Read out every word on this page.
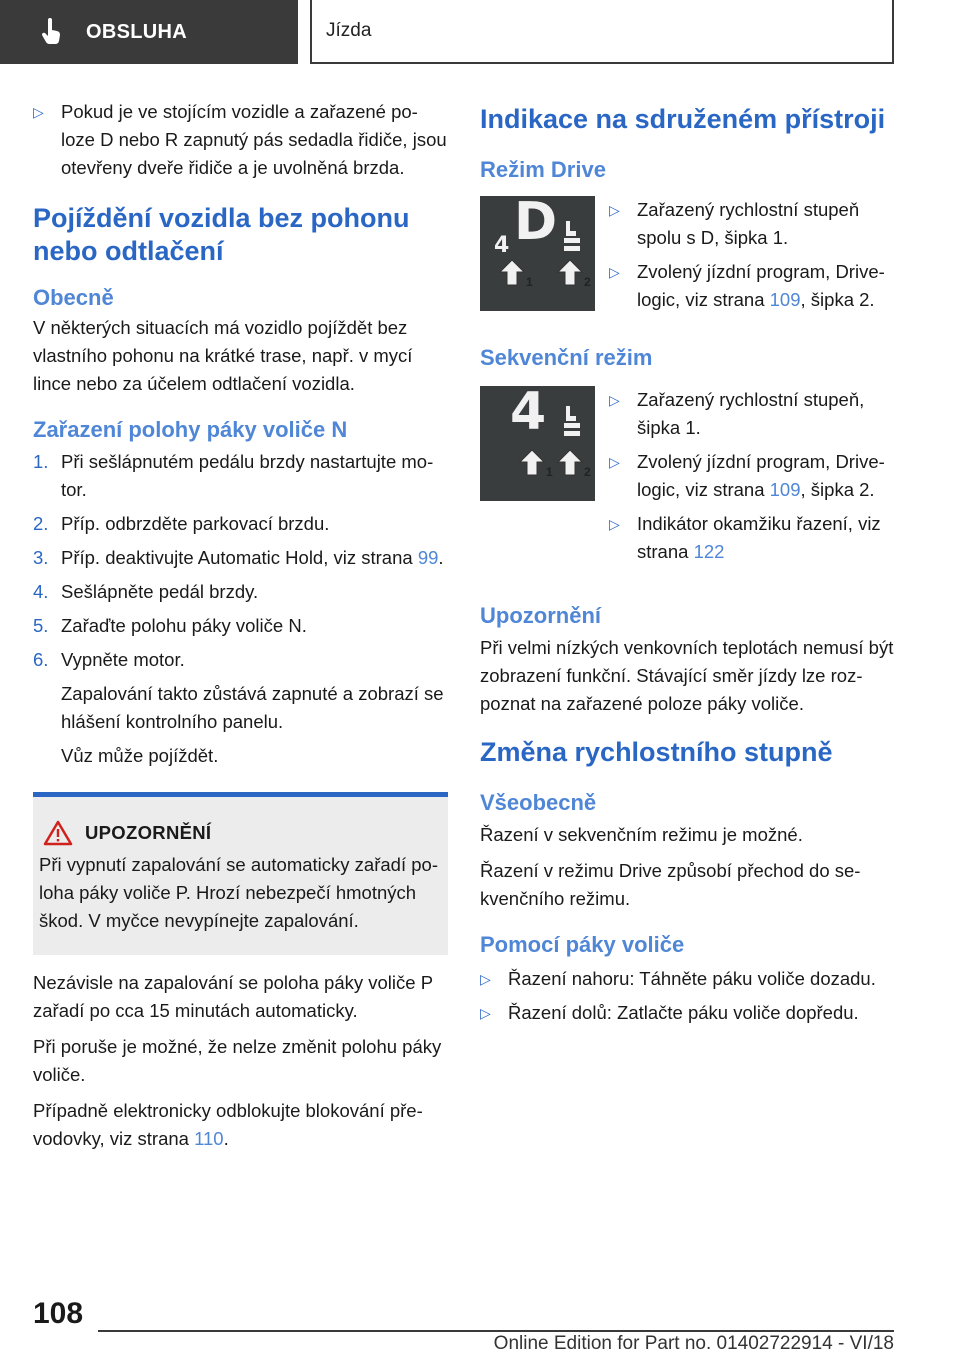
OBSLUHA	Jízda
▷ Pokud je ve stojícím vozidle a zařazené po-loze D nebo R zapnutý pás sedadla řidiče, jsou otevřeny dveře řidiče a je uvolněná brzda.
Pojíždění vozidla bez pohonu nebo odtlačení
Obecně

V některých situacích má vozidlo pojíždět bez vlastního pohonu na krátké trase, např. v mycí lince nebo za účelem odtlačení vozidla.

Zařazení polohy páky voliče N
1. Při sešlápnutém pedálu brzdy nastartujte mo-tor.
2. Příp. odbrzděte parkovací brzdu.
3. Příp. deaktivujte Automatic Hold, viz strana 99.
4. Sešlápněte pedál brzdy.
5. Zařaďte polohu páky voliče N.
6. Vypněte motor.

Zapalování takto zůstává zapnuté a zobrazí se hlášení kontrolního panelu.

Vůz může pojíždět.

UPOZORNĚNÍ

Při vypnutí zapalování se automaticky zařadí po-loha páky voliče P. Hrozí nebezpečí hmotných škod. V myčce nevypínejte zapalování.

Nezávisle na zapalování se poloha páky voliče P zařadí po cca 15 minutách automaticky.

Při poruše je možné, že nelze změnit polohu páky voliče.

Případně elektronicky odblokujte blokování pře-vodovky, viz strana 110.

Indikace na sdruženém přístroji
Režim Drive
4 D
1	2
▷ Zařazený rychlostní stupeň spolu s D, šipka 1.
▷ Zvolený jízdní program, Drive-logic, viz strana 109, šipka 2.
Sekvenční režim
4
1	2
▷ Zařazený rychlostní stupeň, šipka 1.
▷ Zvolený jízdní program, Drive-logic, viz strana 109, šipka 2.
▷ Indikátor okamžiku řazení, viz strana 122
Upozornění

Při velmi nízkých venkovních teplotách nemusí být zobrazení funkční. Stávající směr jízdy lze roz-poznat na zařazené poloze páky voliče.

Změna rychlostního stupně
Všeobecně

Řazení v sekvenčním režimu je možné.

Řazení v režimu Drive způsobí přechod do se-kvenčního režimu.

Pomocí páky voliče
▷ Řazení nahoru: Táhněte páku voliče dozadu.
▷ Řazení dolů: Zatlačte páku voliče dopředu.
108
Online Edition for Part no. 01402722914 - VI/18
